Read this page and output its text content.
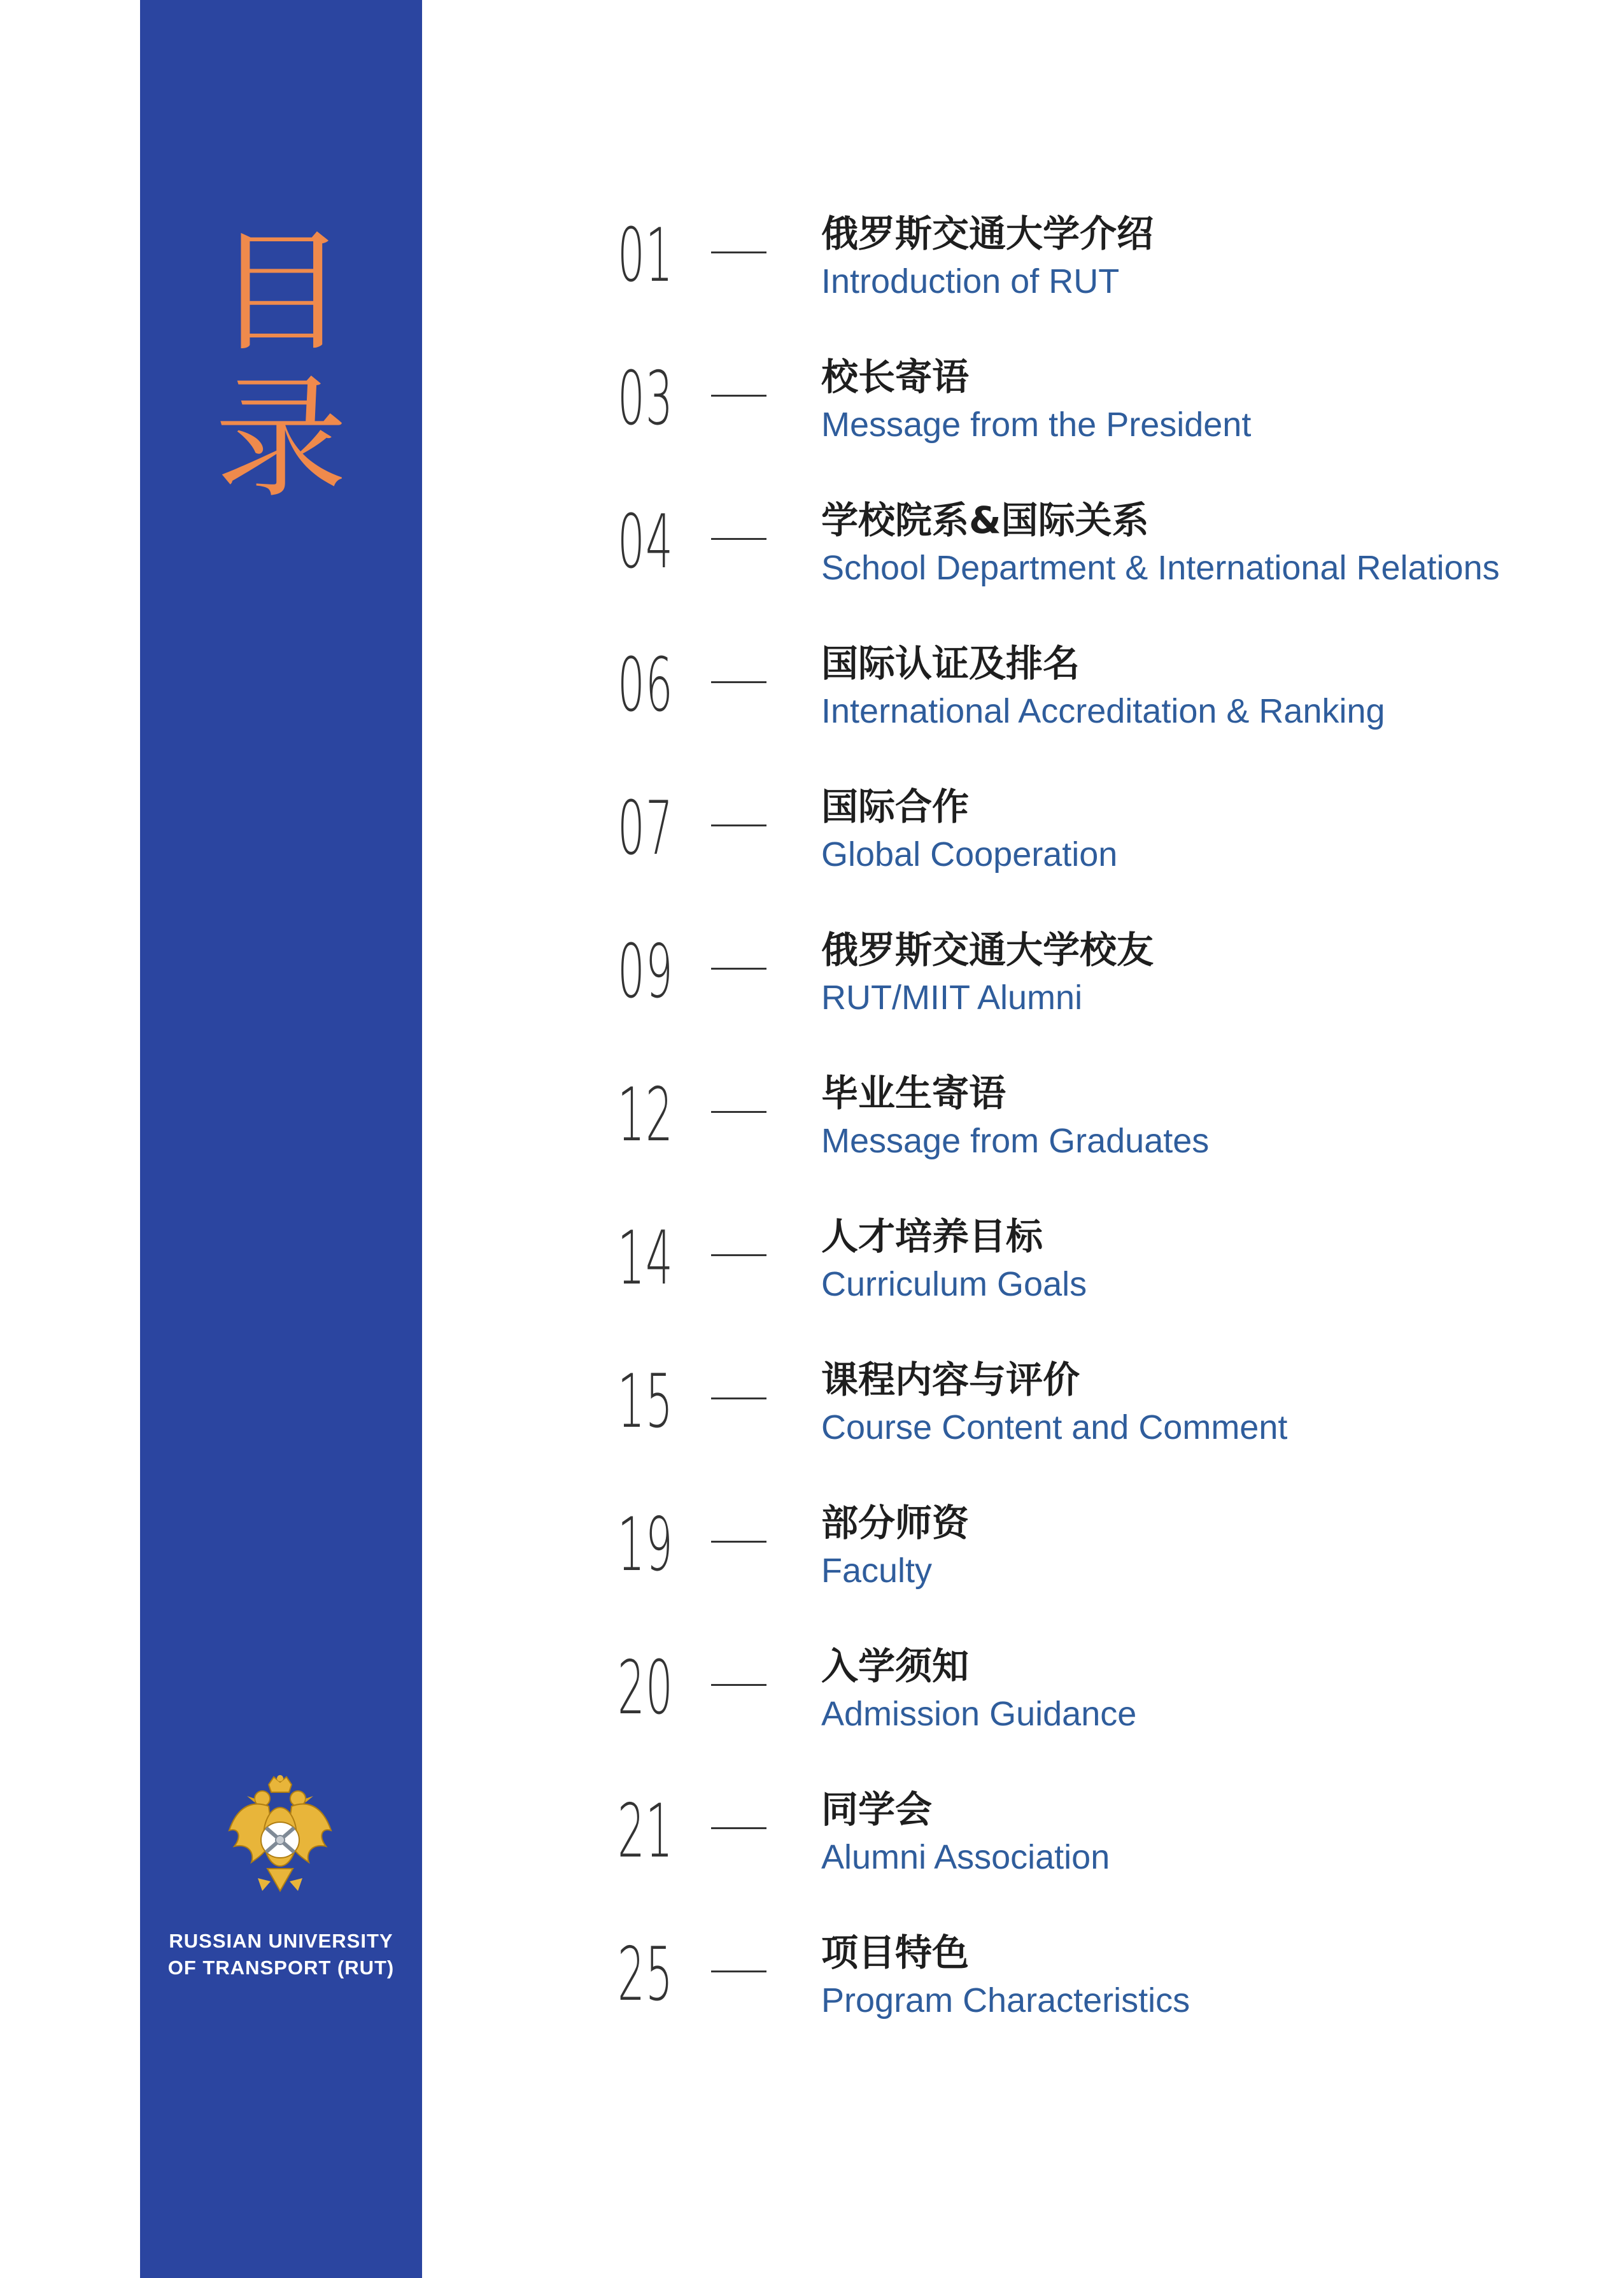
目
录
RUSSIAN UNIVERSITY
OF TRANSPORT (RUT)
01	俄罗斯交通大学介绍
Introduction of RUT
03	校长寄语
Message from the President
04	学校院系&国际关系
School Department & International Relations
06	国际认证及排名
International Accreditation & Ranking
07	国际合作
Global Cooperation
09	俄罗斯交通大学校友
RUT/MIIT Alumni
12	毕业生寄语
Message from Graduates
14	人才培养目标
Curriculum Goals
15	课程内容与评价
Course Content and Comment
19	部分师资
Faculty
20	入学须知
Admission Guidance
21	同学会
Alumni Association
25	项目特色
Program Characteristics
